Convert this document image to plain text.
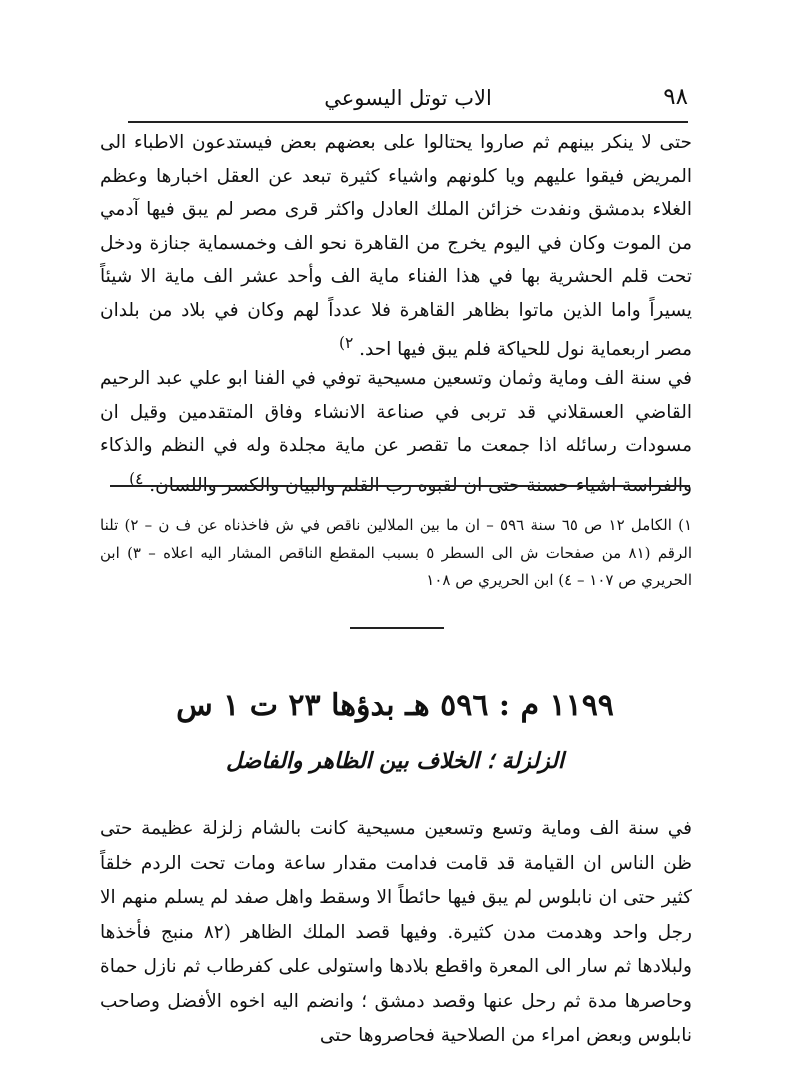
٩٨
الاب توتل اليسوعي

حتى لا ينكر بينهم ثم صاروا يحتالوا على بعضهم بعض فيستدعون الاطباء الى المريض فيقوا عليهم ويا كلونهم واشياء كثيرة تبعد عن العقل اخبارها وعظم الغلاء بدمشق ونفدت خزائن الملك العادل واكثر قرى مصر لم يبق فيها آدمي من الموت وكان في اليوم يخرج من القاهرة نحو الف وخمسماية جنازة ودخل تحت قلم الحشرية بها في هذا الفناء ماية الف وأحد عشر الف ماية الا شيئاً يسيراً واما الذين ماتوا بظاهر القاهرة فلا عدداً لهم وكان في بلاد من بلدان مصر اربعماية نول للحياكة فلم يبق فيها احد. $^{٢)}$

في سنة الف وماية وثمان وتسعين مسيحية توفي في الفنا ابو علي عبد الرحيم القاضي العسقلاني قد تربى في صناعة الانشاء وفاق المتقدمين وقيل ان مسودات رسائله اذا جمعت ما تقصر عن ماية مجلدة وله في النظم والذكاء والفراسة اشياء حسنة حتى ان لقبوه رب القلم والبيان والكسر واللسان. $^{٤)}$

١) الكامل ١٢ ص ٦٥ سنة ٥٩٦ – ان ما بين الملالين ناقص في ش فاخذناه عن ف ن – ٢) تلنا الرقم (٨١ من صفحات ش الى السطر ٥ بسبب المقطع الناقص المشار اليه اعلاه – ٣) ابن الحريري ص ١٠٧ – ٤) ابن الحريري ص ١٠٨

١١٩٩ م : ٥٩٦ هـ بدؤها ٢٣ ت ١ س
الزلزلة ؛ الخلاف بين الظاهر والفاضل

في سنة الف وماية وتسع وتسعين مسيحية كانت بالشام زلزلة عظيمة حتى ظن الناس ان القيامة قد قامت فدامت مقدار ساعة ومات تحت الردم خلقاً كثير حتى ان نابلوس لم يبق فيها حائطاً الا وسقط واهل صفد لم يسلم منهم الا رجل واحد وهدمت مدن كثيرة. وفيها قصد الملك الظاهر (٨٢ منبج فأخذها ولبلادها ثم سار الى المعرة واقطع بلادها واستولى على كفرطاب ثم نازل حماة وحاصرها مدة ثم رحل عنها وقصد دمشق ؛ وانضم اليه اخوه الأفضل وصاحب نابلوس وبعض امراء من الصلاحية فحاصروها حتى
